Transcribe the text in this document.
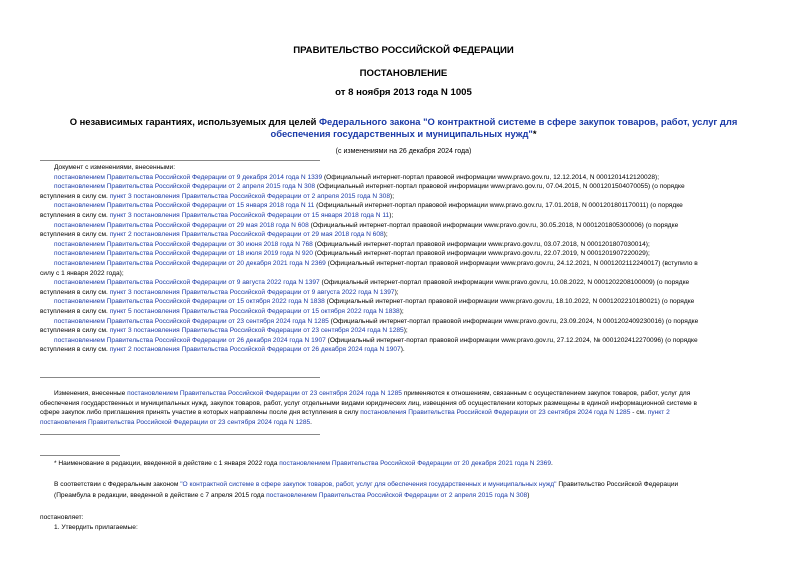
ПРАВИТЕЛЬСТВО РОССИЙСКОЙ ФЕДЕРАЦИИ
ПОСТАНОВЛЕНИЕ
от 8 ноября 2013 года N 1005
О независимых гарантиях, используемых для целей Федерального закона "О контрактной системе в сфере закупок товаров, работ, услуг для обеспечения государственных и муниципальных нужд"*
(с изменениями на 26 декабря 2024 года)
Документ с изменениями, внесенными:
постановлением Правительства Российской Федерации от 9 декабря 2014 года N 1339 (Официальный интернет-портал правовой информации www.pravo.gov.ru, 12.12.2014, N 0001201412120028);
постановлением Правительства Российской Федерации от 2 апреля 2015 года N 308 (Официальный интернет-портал правовой информации www.pravo.gov.ru, 07.04.2015, N 0001201504070055) (о порядке
вступления в силу см. пункт 3 постановления Правительства Российской Федерации от 2 апреля 2015 года N 308);
постановлением Правительства Российской Федерации от 15 января 2018 года N 11 (Официальный интернет-портал правовой информации www.pravo.gov.ru, 17.01.2018, N 0001201801170011) (о порядке
вступления в силу см. пункт 3 постановления Правительства Российской Федерации от 15 января 2018 года N 11);
постановлением Правительства Российской Федерации от 29 мая 2018 года N 608 (Официальный интернет-портал правовой информации www.pravo.gov.ru, 30.05.2018, N 0001201805300006) (о порядке
вступления в силу см. пункт 2 постановления Правительства Российской Федерации от 29 мая 2018 года N 608);
постановлением Правительства Российской Федерации от 30 июня 2018 года N 768 (Официальный интернет-портал правовой информации www.pravo.gov.ru, 03.07.2018, N 0001201807030014);
постановлением Правительства Российской Федерации от 18 июля 2019 года N 920 (Официальный интернет-портал правовой информации www.pravo.gov.ru, 22.07.2019, N 0001201907220029);
постановлением Правительства Российской Федерации от 20 декабря 2021 года N 2369 (Официальный интернет-портал правовой информации www.pravo.gov.ru, 24.12.2021, N 0001202112240017) (вступило в
силу с 1 января 2022 года);
постановлением Правительства Российской Федерации от 9 августа 2022 года N 1397 (Официальный интернет-портал правовой информации www.pravo.gov.ru, 10.08.2022, N 0001202208100009) (о порядке
вступления в силу см. пункт 3 постановления Правительства Российской Федерации от 9 августа 2022 года N 1397);
постановлением Правительства Российской Федерации от 15 октября 2022 года N 1838 (Официальный интернет-портал правовой информации www.pravo.gov.ru, 18.10.2022, N 0001202210180021) (о порядке
вступления в силу см. пункт 5 постановления Правительства Российской Федерации от 15 октября 2022 года N 1838);
постановлением Правительства Российской Федерации от 23 сентября 2024 года N 1285 (Официальный интернет-портал правовой информации www.pravo.gov.ru, 23.09.2024, N 0001202409230016) (о порядке
вступления в силу см. пункт 3 постановления Правительства Российской Федерации от 23 сентября 2024 года N 1285);
постановлением Правительства Российской Федерации от 26 декабря 2024 года N 1907 (Официальный интернет-портал правовой информации www.pravo.gov.ru, 27.12.2024, № 0001202412270096) (о порядке
вступления в силу см. пункт 2 постановления Правительства Российской Федерации от 26 декабря 2024 года N 1907).
Изменения, внесенные постановлением Правительства Российской Федерации от 23 сентября 2024 года N 1285 применяются к отношениям, связанным с осуществлением закупок товаров, работ, услуг для
обеспечения государственных и муниципальных нужд, закупок товаров, работ, услуг отдельными видами юридических лиц, извещения об осуществлении которых размещены в единой информационной системе в
сфере закупок либо приглашения принять участие в которых направлены после дня вступления в силу постановления Правительства Российской Федерации от 23 сентября 2024 года N 1285 - см. пункт 2
постановления Правительства Российской Федерации от 23 сентября 2024 года N 1285.
* Наименование в редакции, введенной в действие с 1 января 2022 года постановлением Правительства Российской Федерации от 20 декабря 2021 года N 2369.
В соответствии с Федеральным законом "О контрактной системе в сфере закупок товаров, работ, услуг для обеспечения государственных и муниципальных нужд" Правительство Российской Федерации
(Преамбула в редакции, введенной в действие с 7 апреля 2015 года постановлением Правительства Российской Федерации от 2 апреля 2015 года N 308)
постановляет:
1. Утвердить прилагаемые:
